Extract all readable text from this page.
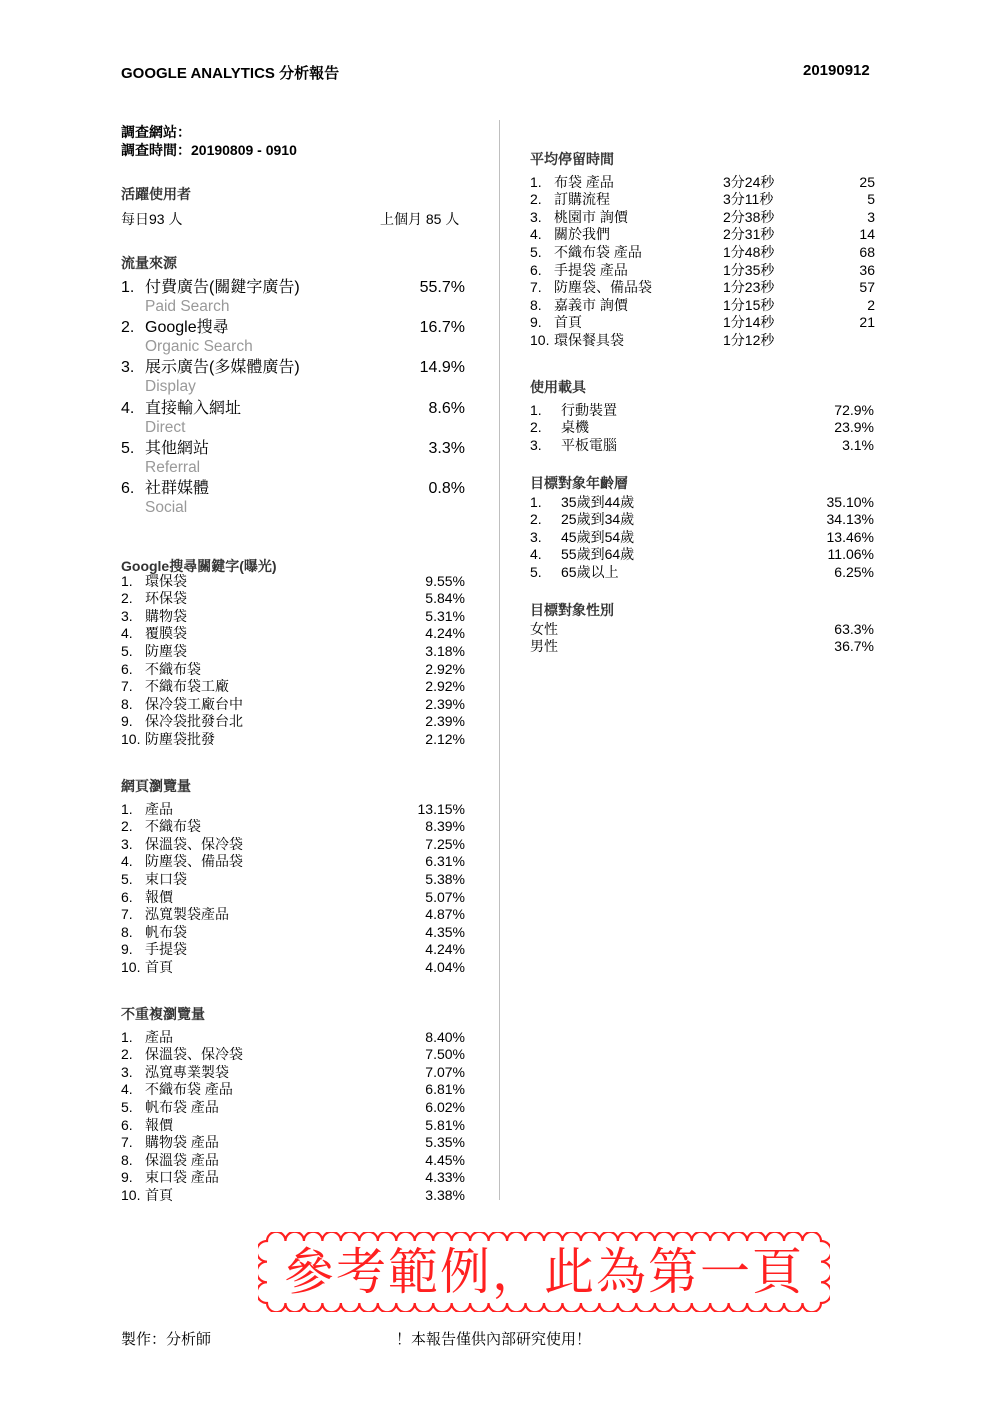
GOOGLE ANALYTICS 分析報告	20190912
調查網站：
調查時間：20190809 - 0910
活躍使用者
每日93 人	上個月 85 人
流量來源
1. 付費廣告(關鍵字廣告)	55.7%
Paid Search
2. Google搜尋	16.7%
Organic Search
3. 展示廣告(多媒體廣告)	14.9%
Display
4. 直接輸入網址	8.6%
Direct
5. 其他網站	3.3%
Referral
6. 社群媒體	0.8%
Social
Google搜尋關鍵字(曝光)
1. 環保袋	9.55%
2. 环保袋	5.84%
3. 購物袋	5.31%
4. 覆膜袋	4.24%
5. 防塵袋	3.18%
6. 不織布袋	2.92%
7. 不織布袋工廠	2.92%
8. 保冷袋工廠台中	2.39%
9. 保冷袋批發台北	2.39%
10. 防塵袋批發	2.12%
網頁瀏覽量
1. 產品	13.15%
2. 不織布袋	8.39%
3. 保溫袋、保冷袋	7.25%
4. 防塵袋、備品袋	6.31%
5. 束口袋	5.38%
6. 報價	5.07%
7. 泓寬製袋產品	4.87%
8. 帆布袋	4.35%
9. 手提袋	4.24%
10. 首頁	4.04%
不重複瀏覽量
1. 產品	8.40%
2. 保溫袋、保冷袋	7.50%
3. 泓寬專業製袋	7.07%
4. 不織布袋 產品	6.81%
5. 帆布袋 產品	6.02%
6. 報價	5.81%
7. 購物袋 產品	5.35%
8. 保溫袋 產品	4.45%
9. 束口袋 產品	4.33%
10. 首頁	3.38%
平均停留時間
1. 布袋 產品	3分24秒	25
2. 訂購流程	3分11秒	5
3. 桃園市 詢價	2分38秒	3
4. 關於我們	2分31秒	14
5. 不織布袋 產品	1分48秒	68
6. 手提袋 產品	1分35秒	36
7. 防塵袋、備品袋	1分23秒	57
8. 嘉義市 詢價	1分15秒	2
9. 首頁	1分14秒	21
10. 環保餐具袋	1分12秒
使用載具
1. 行動裝置	72.9%
2. 桌機	23.9%
3. 平板電腦	3.1%
目標對象年齡層
1. 35歲到44歲	35.10%
2. 25歲到34歲	34.13%
3. 45歲到54歲	13.46%
4. 55歲到64歲	11.06%
5. 65歲以上	6.25%
目標對象性別
女性	63.3%
男性	36.7%
參考範例，此為第一頁
製作：分析師	！本報告僅供內部研究使用！
